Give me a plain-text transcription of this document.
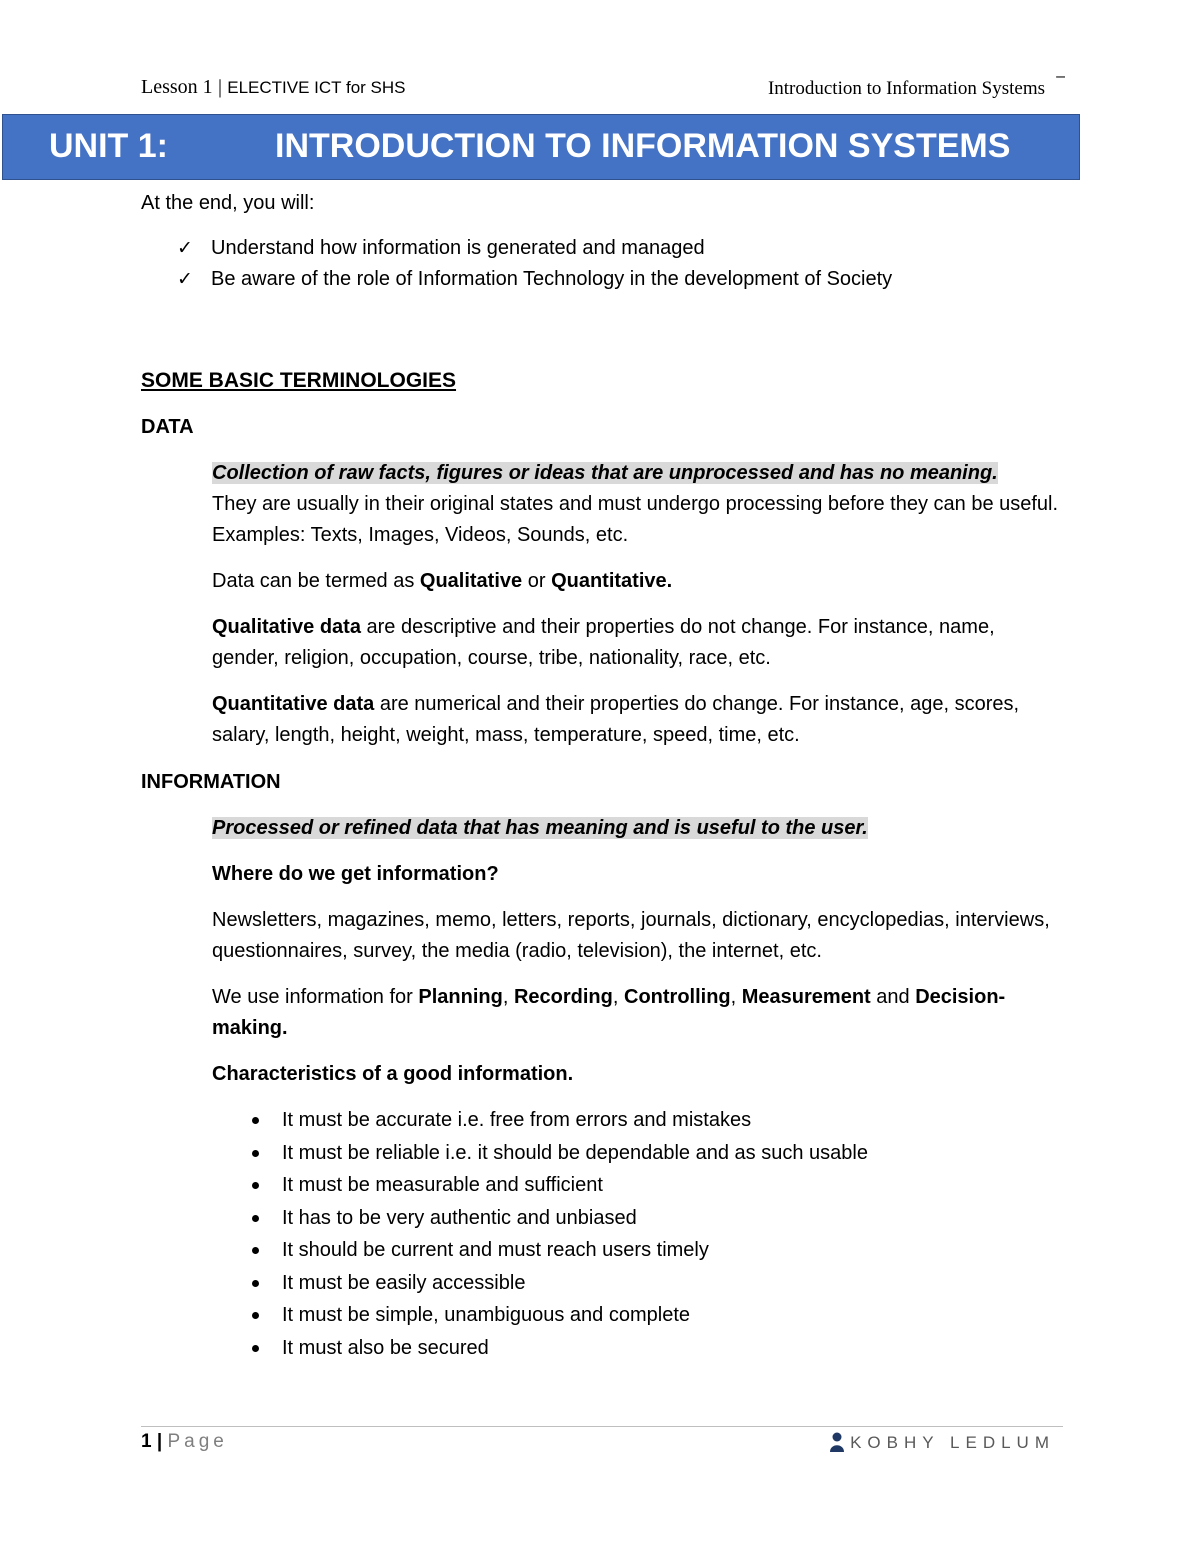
Lesson 1 | ELECTIVE ICT for SHS	Introduction to Information Systems
–
UNIT 1:	INTRODUCTION TO INFORMATION SYSTEMS

At the end, you will:

✓ Understand how information is generated and managed
✓ Be aware of the role of Information Technology in the development of Society

SOME BASIC TERMINOLOGIES

DATA

Collection of raw facts, figures or ideas that are unprocessed and has no meaning.
They are usually in their original states and must undergo processing before they can be useful. Examples: Texts, Images, Videos, Sounds, etc.

Data can be termed as Qualitative or Quantitative.

Qualitative data are descriptive and their properties do not change. For instance, name, gender, religion, occupation, course, tribe, nationality, race, etc.

Quantitative data are numerical and their properties do change. For instance, age, scores, salary, length, height, weight, mass, temperature, speed, time, etc.

INFORMATION

Processed or refined data that has meaning and is useful to the user.

Where do we get information?

Newsletters, magazines, memo, letters, reports, journals, dictionary, encyclopedias, interviews, questionnaires, survey, the media (radio, television), the internet, etc.

We use information for Planning, Recording, Controlling, Measurement and Decision-making.

Characteristics of a good information.

It must be accurate i.e. free from errors and mistakes
It must be reliable i.e. it should be dependable and as such usable
It must be measurable and sufficient
It has to be very authentic and unbiased
It should be current and must reach users timely
It must be easily accessible
It must be simple, unambiguous and complete
It must also be secured
1 | Page	KOBHY LEDLUM
